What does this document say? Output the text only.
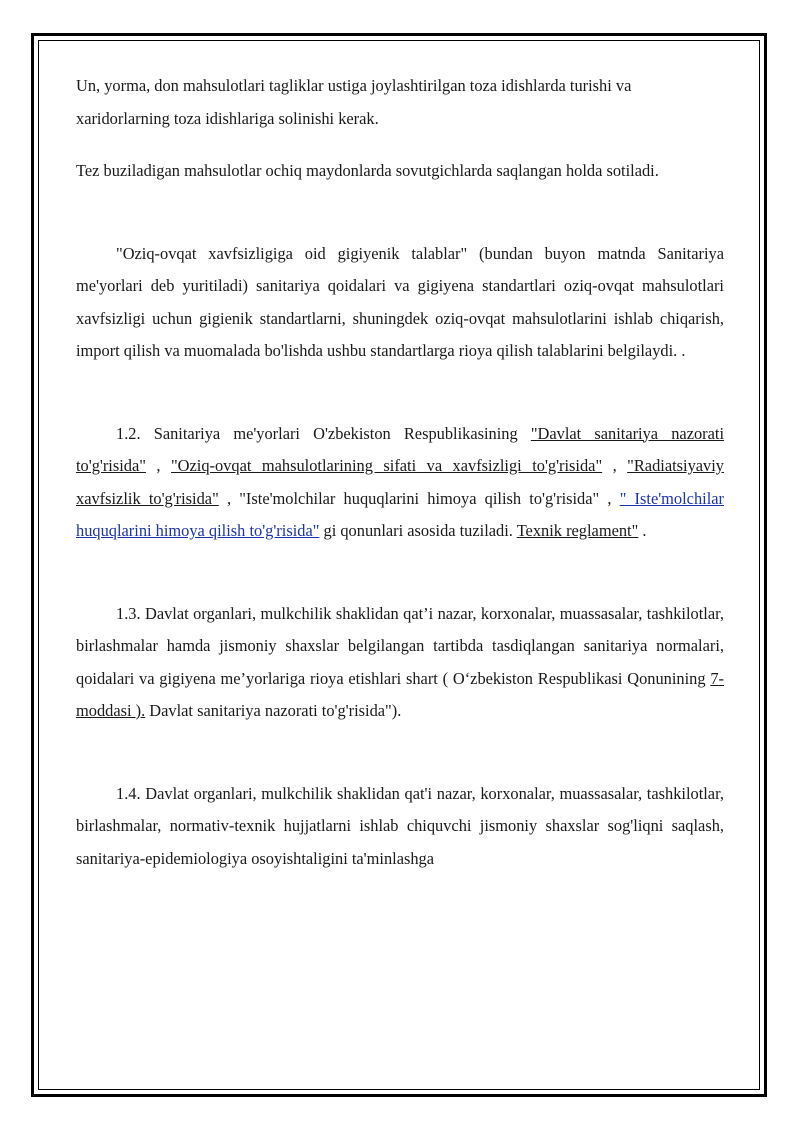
Un, yorma, don mahsulotlari tagliklar ustiga joylashtirilgan toza idishlarda turishi va xaridorlarning toza idishlariga solinishi kerak.

Tez buziladigan mahsulotlar ochiq maydonlarda sovutgichlarda saqlangan holda sotiladi.

"Oziq-ovqat xavfsizligiga oid gigiyenik talablar" (bundan buyon matnda Sanitariya me'yorlari deb yuritiladi) sanitariya qoidalari va gigiyena standartlari oziq-ovqat mahsulotlari xavfsizligi uchun gigienik standartlarni, shuningdek oziq-ovqat mahsulotlarini ishlab chiqarish, import qilish va muomalada bo'lishda ushbu standartlarga rioya qilish talablarini belgilaydi. .

1.2. Sanitariya me'yorlari O'zbekiston Respublikasining "Davlat sanitariya nazorati to'g'risida" , "Oziq-ovqat mahsulotlarining sifati va xavfsizligi to'g'risida" , "Radiatsiyaviy xavfsizlik to'g'risida" , "Iste'molchilar huquqlarini himoya qilish to'g'risida" , " Iste'molchilar huquqlarini himoya qilish to'g'risida" gi qonunlari asosida tuziladi. Texnik reglament" .

1.3. Davlat organlari, mulkchilik shaklidan qat’i nazar, korxonalar, muassasalar, tashkilotlar, birlashmalar hamda jismoniy shaxslar belgilangan tartibda tasdiqlangan sanitariya normalari, qoidalari va gigiyena me’yorlariga rioya etishlari shart ( O‘zbekiston Respublikasi Qonunining 7-moddasi ). Davlat sanitariya nazorati to'g'risida").

1.4. Davlat organlari, mulkchilik shaklidan qat'i nazar, korxonalar, muassasalar, tashkilotlar, birlashmalar, normativ-texnik hujjatlarni ishlab chiquvchi jismoniy shaxslar sog'liqni saqlash, sanitariya-epidemiologiya osoyishtaligini ta'minlashga
